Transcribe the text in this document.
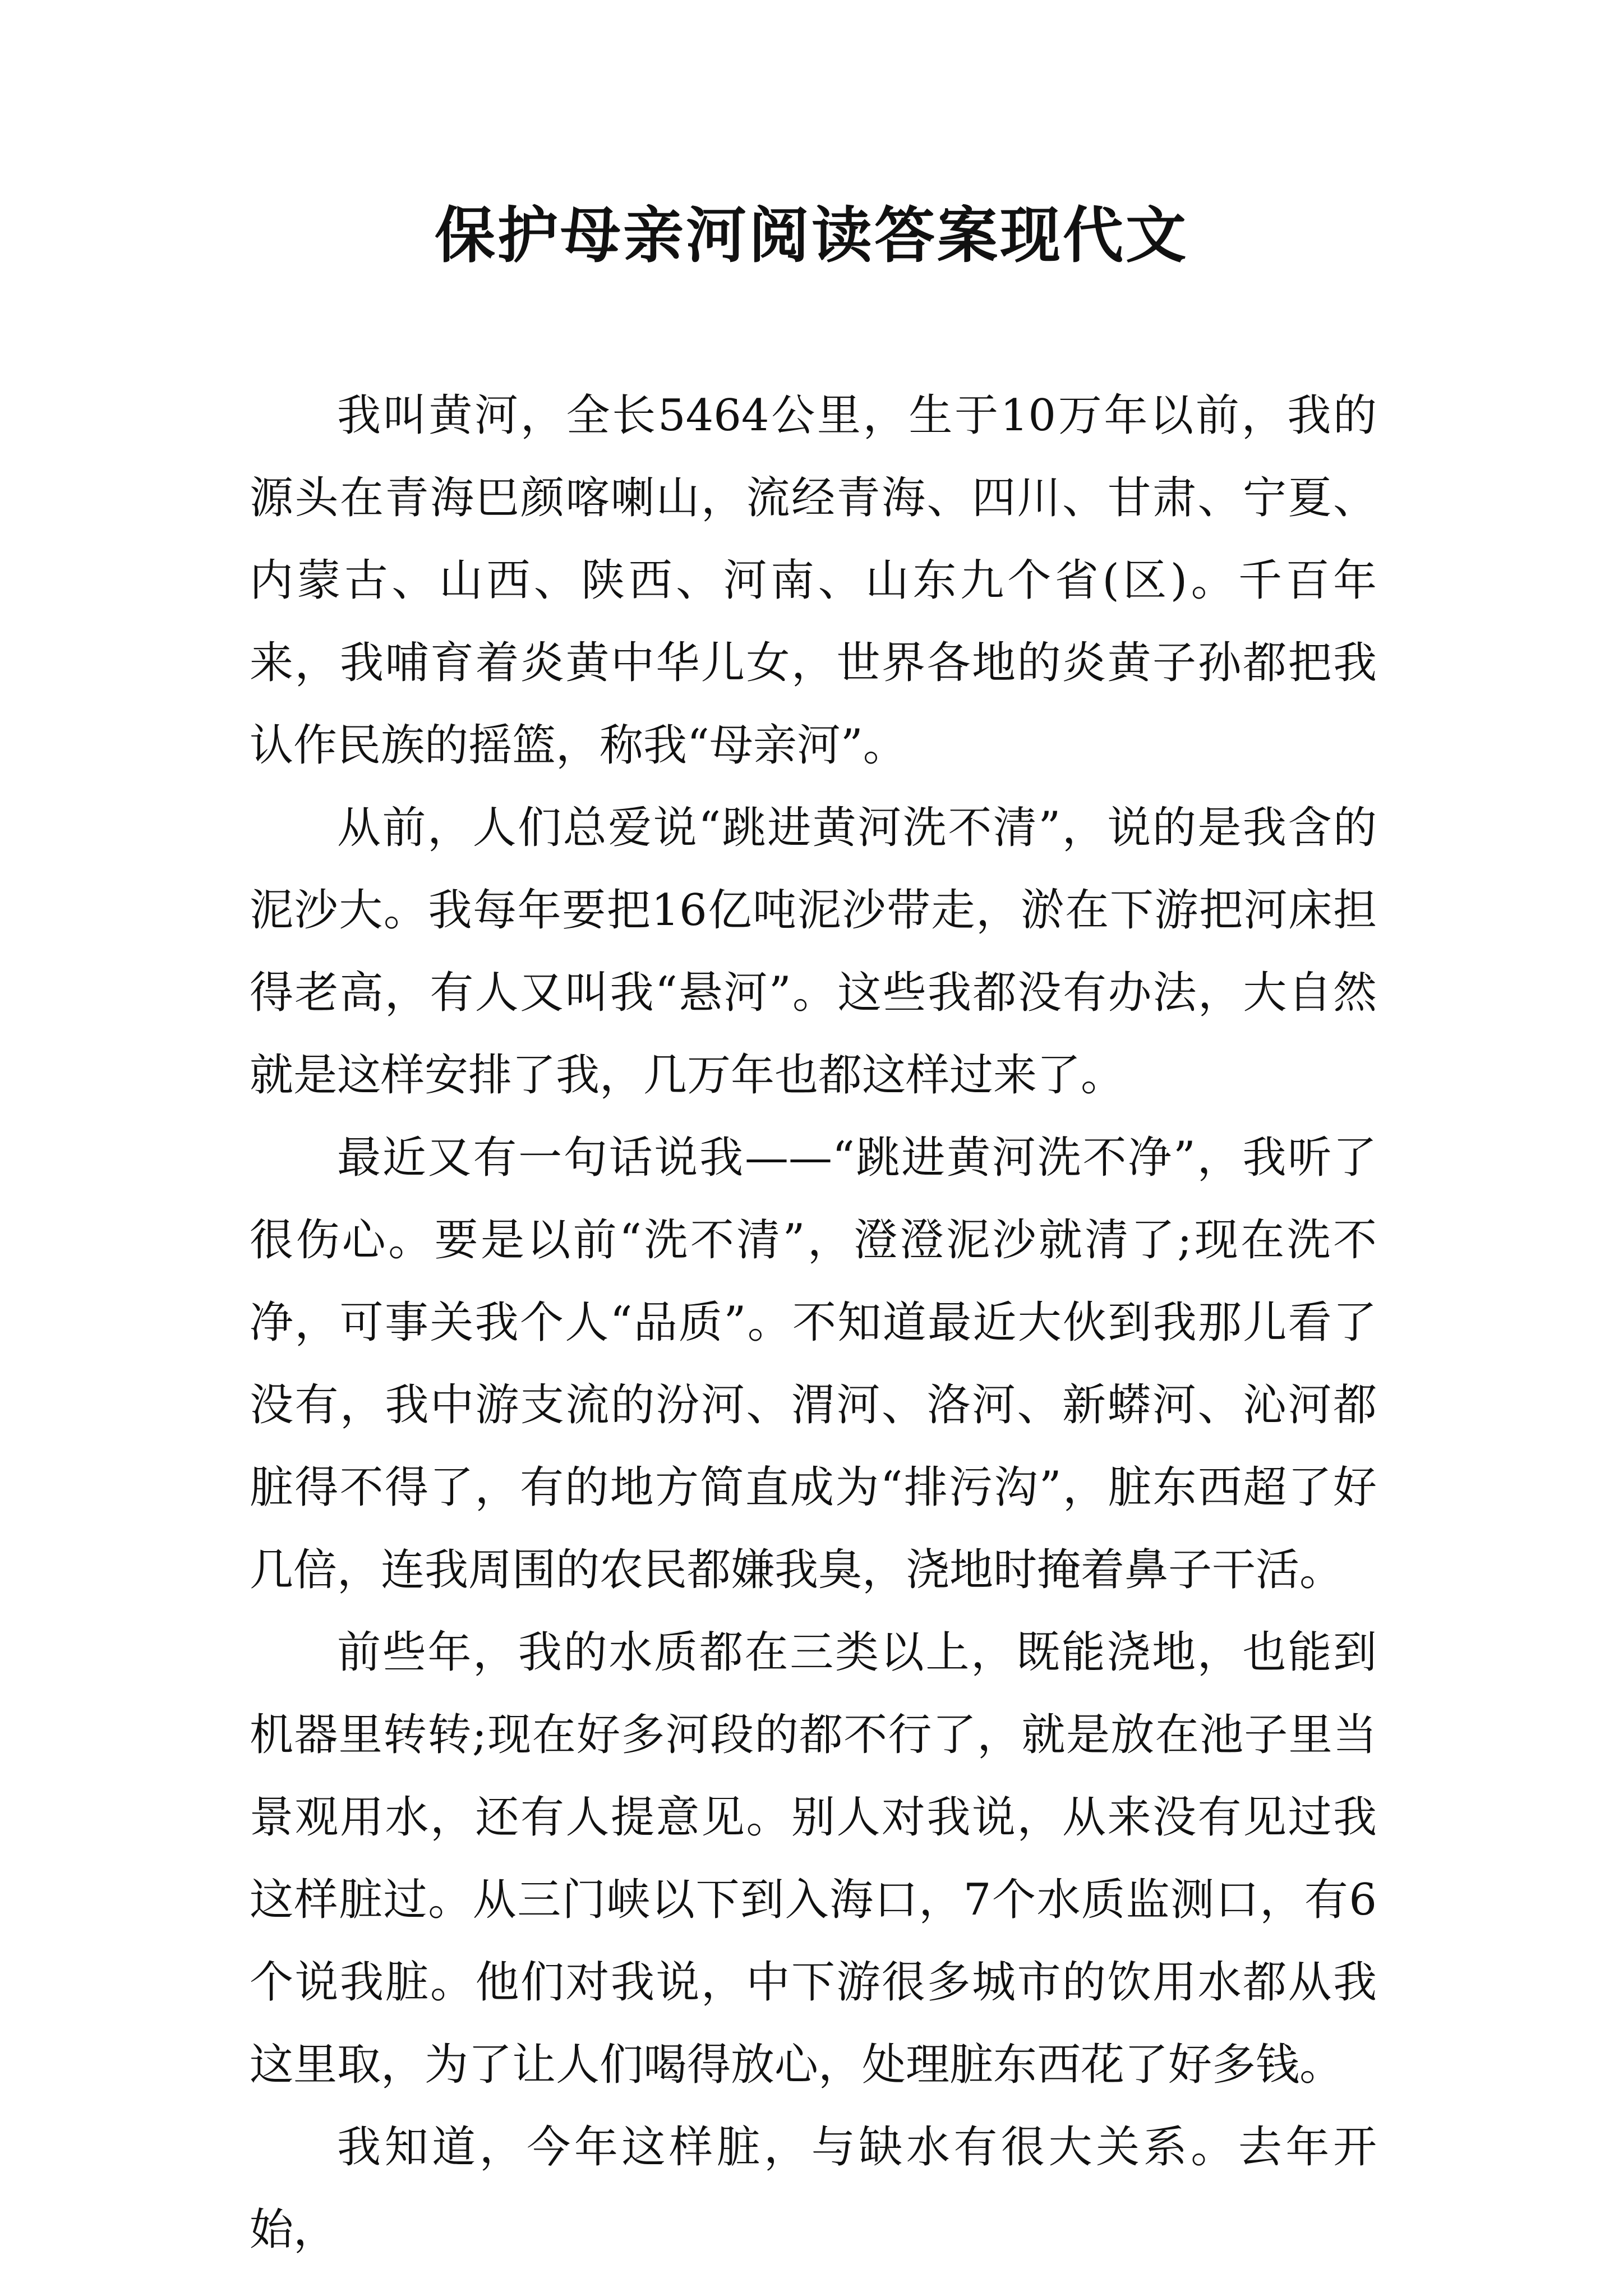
保护母亲河阅读答案现代文

我叫黄河，全长5464公里，生于10万年以前，我的源头在青海巴颜喀喇山，流经青海、四川、甘肃、宁夏、内蒙古、山西、陕西、河南、山东九个省(区)。千百年来，我哺育着炎黄中华儿女，世界各地的炎黄子孙都把我认作民族的摇篮，称我“母亲河”。

从前，人们总爱说“跳进黄河洗不清”，说的是我含的泥沙大。我每年要把16亿吨泥沙带走，淤在下游把河床担得老高，有人又叫我“悬河”。这些我都没有办法，大自然就是这样安排了我，几万年也都这样过来了。

最近又有一句话说我——“跳进黄河洗不净”，我听了很伤心。要是以前“洗不清”，澄澄泥沙就清了;现在洗不净，可事关我个人“品质”。不知道最近大伙到我那儿看了没有，我中游支流的汾河、渭河、洛河、新蟒河、沁河都脏得不得了，有的地方简直成为“排污沟”，脏东西超了好几倍，连我周围的农民都嫌我臭，浇地时掩着鼻子干活。

前些年，我的水质都在三类以上，既能浇地，也能到机器里转转;现在好多河段的都不行了，就是放在池子里当景观用水，还有人提意见。别人对我说，从来没有见过我这样脏过。从三门峡以下到入海口，7个水质监测口，有6个说我脏。他们对我说，中下游很多城市的饮用水都从我这里取，为了让人们喝得放心，处理脏东西花了好多钱。

我知道，今年这样脏，与缺水有很大关系。去年开始，
